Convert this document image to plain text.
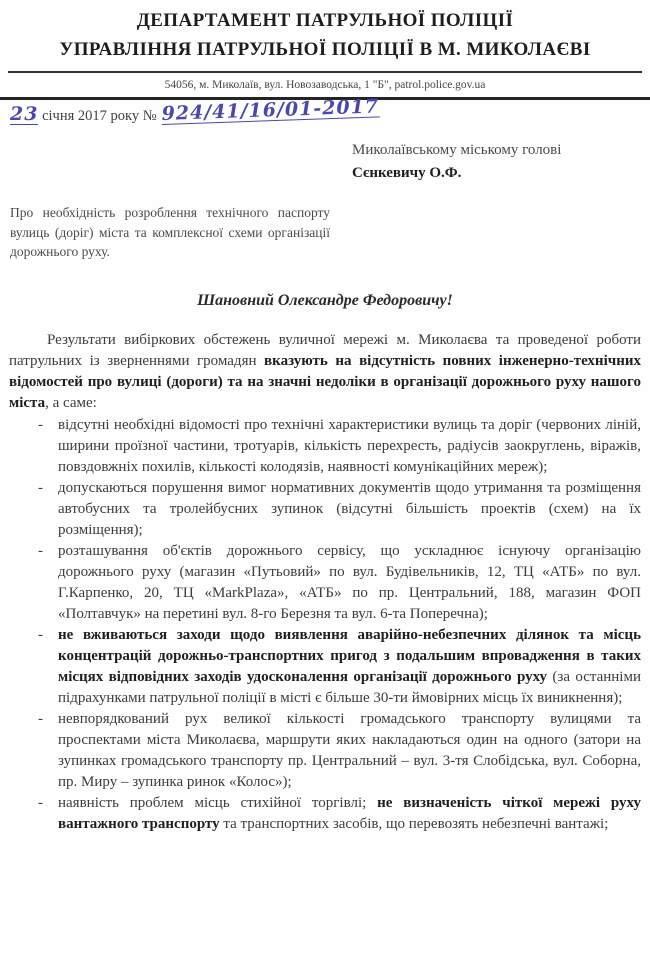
ДЕПАРТАМЕНТ ПАТРУЛЬНОЇ ПОЛІЦІЇ
УПРАВЛІННЯ ПАТРУЛЬНОЇ ПОЛІЦІЇ В М. МИКОЛАЄВІ
54056, м. Миколаїв, вул. Новозаводська, 1 "Б", patrol.police.gov.ua
23 січня 2017 року № 924/41/16/01-2017
Миколаївському міському голові
Сєнкевичу О.Ф.
Про необхідність розроблення технічного паспорту вулиць (доріг) міста та комплексної схеми організації дорожнього руху.
Шановний Олександре Федоровичу!

Результати вибіркових обстежень вуличної мережі м. Миколаєва та проведеної роботи патрульних із зверненнями громадян вказують на відсутність повних інженерно-технічних відомостей про вулиці (дороги) та на значні недоліки в організації дорожнього руху нашого міста, а саме:

- відсутні необхідні відомості про технічні характеристики вулиць та доріг (червоних ліній, ширини проїзної частини, тротуарів, кількість перехресть, радіусів заокруглень, віражів, повздовжніх похилів, кількості колодязів, наявності комунікаційних мереж);
- допускаються порушення вимог нормативних документів щодо утримання та розміщення автобусних та тролейбусних зупинок (відсутні більшість проектів (схем) на їх розміщення);
- розташування об'єктів дорожнього сервісу, що ускладнює існуючу організацію дорожнього руху (магазин «Путьовий» по вул. Будівельників, 12, ТЦ «АТБ» по вул. Г.Карпенко, 20, ТЦ «MarkPlaza», «АТБ» по пр. Центральний, 188, магазин ФОП «Полтавчук» на перетині вул. 8-го Березня та вул. 6-та Поперечна);
- не вживаються заходи щодо виявлення аварійно-небезпечних ділянок та місць концентрацій дорожньо-транспортних пригод з подальшим впровадження в таких місцях відповідних заходів удосконалення організації дорожнього руху (за останніми підрахунками патрульної поліції в місті є більше 30-ти ймовірних місць їх виникнення);
- невпорядкований рух великої кількості громадського транспорту вулицями та проспектами міста Миколаєва, маршрути яких накладаються один на одного (затори на зупинках громадського транспорту пр. Центральний – вул. 3-тя Слобідська, вул. Соборна, пр. Миру – зупинка ринок «Колос»);
- наявність проблем місць стихійної торгівлі; не визначеність чіткої мережі руху вантажного транспорту та транспортних засобів, що перевозять небезпечні вантажі;
